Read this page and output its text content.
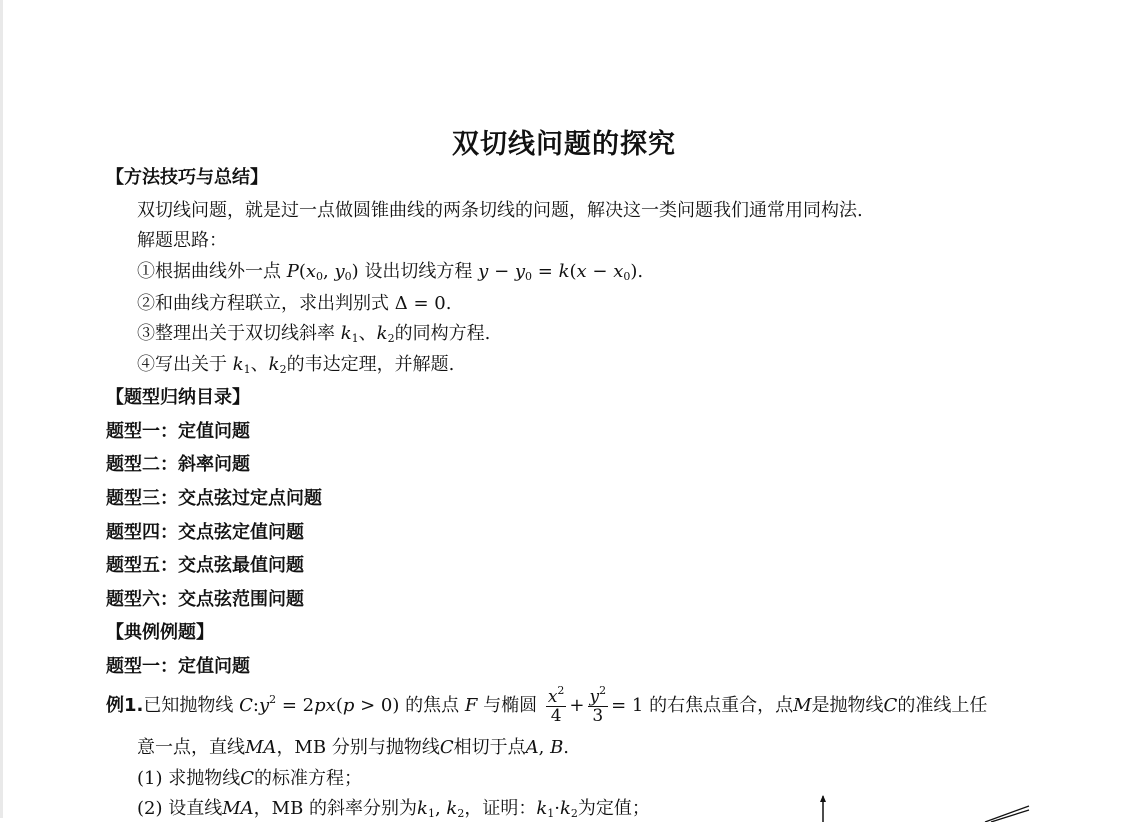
双切线问题的探究
【方法技巧与总结】
双切线问题，就是过一点做圆锥曲线的两条切线的问题，解决这一类问题我们通常用同构法.
解题思路：
①根据曲线外一点 $P(x_0$, $y_0$) 设出切线方程 $y - y_0 = k(x - x_0)$.
②和曲线方程联立，求出判别式 Δ = 0.
③整理出关于双切线斜率 $k_1$、$k_2$的同构方程.
④写出关于 $k_1$、$k_2$的韦达定理，并解题.
【题型归纳目录】
题型一：定值问题
题型二：斜率问题
题型三：交点弦过定点问题
题型四：交点弦定值问题
题型五：交点弦最值问题
题型六：交点弦范围问题
【典例例题】
题型一：定值问题
例1.已知抛物线 $C:y^2 = 2px(p > 0)$ 的焦点 F 与椭圆 $\frac{x^2}{4} + \frac{y^2}{3} = 1$ 的右焦点重合，点M是抛物线C的准线上任
意一点，直线MA，MB 分别与抛物线C相切于点A, B.
(1) 求抛物线C的标准方程；
(2) 设直线MA，MB 的斜率分别为$k_1$, $k_2$，证明：$k_1\cdot k_2$为定值；
